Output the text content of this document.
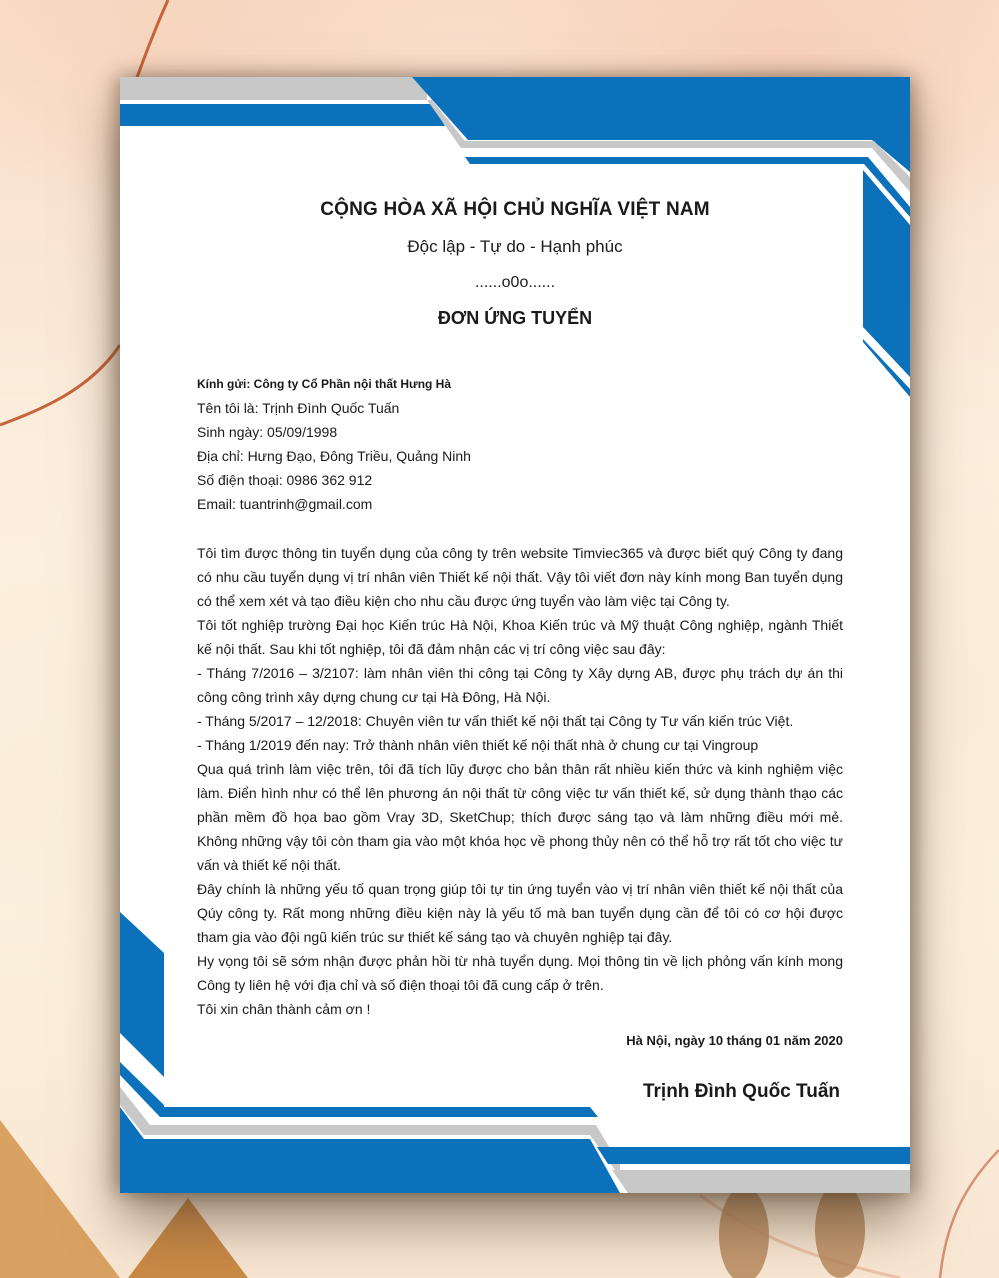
CỘNG HÒA XÃ HỘI CHỦ NGHĨA VIỆT NAM
Độc lập - Tự do - Hạnh phúc
......o0o......
ĐƠN ỨNG TUYỂN
Kính gửi: Công ty Cổ Phần nội thất Hưng Hà
Tên tôi là: Trịnh Đình Quốc Tuấn
Sinh ngày: 05/09/1998
Địa chỉ: Hưng Đạo, Đông Triều, Quảng Ninh
Số điện thoại: 0986 362 912
Email: tuantrinh@gmail.com

Tôi tìm được thông tin tuyển dụng của công ty trên website Timviec365 và được biết quý Công ty đang có nhu cầu tuyển dụng vị trí nhân viên Thiết kế nội thất. Vậy tôi viết đơn này kính mong Ban tuyển dụng có thể xem xét và tạo điều kiện cho nhu cầu được ứng tuyển vào làm việc tại Công ty.

Tôi tốt nghiệp trường Đại học Kiến trúc Hà Nội, Khoa Kiến trúc và Mỹ thuật Công nghiệp, ngành Thiết kế nội thất. Sau khi tốt nghiệp, tôi đã đảm nhận các vị trí công việc sau đây:

- Tháng 7/2016 – 3/2107: làm nhân viên thi công tại Công ty Xây dựng AB, được phụ trách dự án thi công công trình xây dựng chung cư tại Hà Đông, Hà Nội.

- Tháng 5/2017 – 12/2018: Chuyên viên tư vấn thiết kế nội thất tại Công ty Tư vấn kiến trúc Việt.

- Tháng 1/2019 đến nay: Trở thành nhân viên thiết kế nội thất nhà ở chung cư tại Vingroup

Qua quá trình làm việc trên, tôi đã tích lũy được cho bản thân rất nhiều kiến thức và kinh nghiệm việc làm. Điển hình như có thể lên phương án nội thất từ công việc tư vấn thiết kế, sử dụng thành thạo các phần mềm đồ họa bao gồm Vray 3D, SketChup; thích được sáng tạo và làm những điều mới mẻ. Không những vậy tôi còn tham gia vào một khóa học về phong thủy nên có thể hỗ trợ rất tốt cho việc tư vấn và thiết kế nội thất.

Đây chính là những yếu tố quan trọng giúp tôi tự tin ứng tuyển vào vị trí nhân viên thiết kế nội thất của Qúy công ty. Rất mong những điều kiện này là yếu tố mà ban tuyển dụng cần để tôi có cơ hội được tham gia vào đội ngũ kiến trúc sư thiết kế sáng tạo và chuyên nghiệp tại đây.

Hy vọng tôi sẽ sớm nhận được phản hồi từ nhà tuyển dụng. Mọi thông tin về lịch phỏng vấn kính mong Công ty liên hệ với địa chỉ và số điện thoại tôi đã cung cấp ở trên.

Tôi xin chân thành cảm ơn !

Hà Nội, ngày 10 tháng 01 năm 2020
Trịnh Đình Quốc Tuấn
